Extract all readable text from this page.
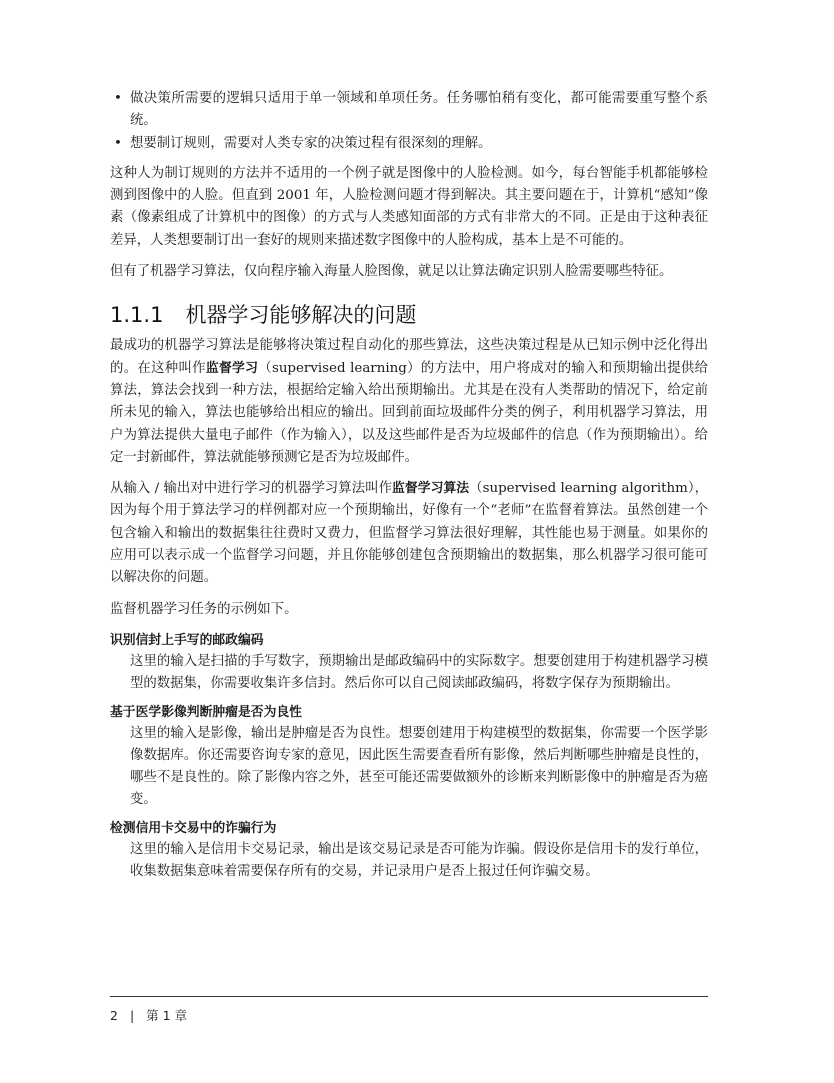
• 做决策所需要的逻辑只适用于单一领域和单项任务。任务哪怕稍有变化，都可能需要重写整个系统。
• 想要制订规则，需要对人类专家的决策过程有很深刻的理解。

这种人为制订规则的方法并不适用的一个例子就是图像中的人脸检测。如今，每台智能手机都能够检测到图像中的人脸。但直到 2001 年，人脸检测问题才得到解决。其主要问题在于，计算机“感知”像素（像素组成了计算机中的图像）的方式与人类感知面部的方式有非常大的不同。正是由于这种表征差异，人类想要制订出一套好的规则来描述数字图像中的人脸构成，基本上是不可能的。

但有了机器学习算法，仅向程序输入海量人脸图像，就足以让算法确定识别人脸需要哪些特征。

1.1.1 机器学习能够解决的问题

最成功的机器学习算法是能够将决策过程自动化的那些算法，这些决策过程是从已知示例中泛化得出的。在这种叫作监督学习（supervised learning）的方法中，用户将成对的输入和预期输出提供给算法，算法会找到一种方法，根据给定输入给出预期输出。尤其是在没有人类帮助的情况下，给定前所未见的输入，算法也能够给出相应的输出。回到前面垃圾邮件分类的例子，利用机器学习算法，用户为算法提供大量电子邮件（作为输入），以及这些邮件是否为垃圾邮件的信息（作为预期输出）。给定一封新邮件，算法就能够预测它是否为垃圾邮件。

从输入 / 输出对中进行学习的机器学习算法叫作监督学习算法（supervised learning algorithm），因为每个用于算法学习的样例都对应一个预期输出，好像有一个“老师”在监督着算法。虽然创建一个包含输入和输出的数据集往往费时又费力，但监督学习算法很好理解，其性能也易于测量。如果你的应用可以表示成一个监督学习问题，并且你能够创建包含预期输出的数据集，那么机器学习很可能可以解决你的问题。

监督机器学习任务的示例如下。

识别信封上手写的邮政编码
这里的输入是扫描的手写数字，预期输出是邮政编码中的实际数字。想要创建用于构建机器学习模型的数据集，你需要收集许多信封。然后你可以自己阅读邮政编码，将数字保存为预期输出。
基于医学影像判断肿瘤是否为良性
这里的输入是影像，输出是肿瘤是否为良性。想要创建用于构建模型的数据集，你需要一个医学影像数据库。你还需要咨询专家的意见，因此医生需要查看所有影像，然后判断哪些肿瘤是良性的，哪些不是良性的。除了影像内容之外，甚至可能还需要做额外的诊断来判断影像中的肿瘤是否为癌变。
检测信用卡交易中的诈骗行为
这里的输入是信用卡交易记录，输出是该交易记录是否可能为诈骗。假设你是信用卡的发行单位，收集数据集意味着需要保存所有的交易，并记录用户是否上报过任何诈骗交易。
2 | 第 1 章
